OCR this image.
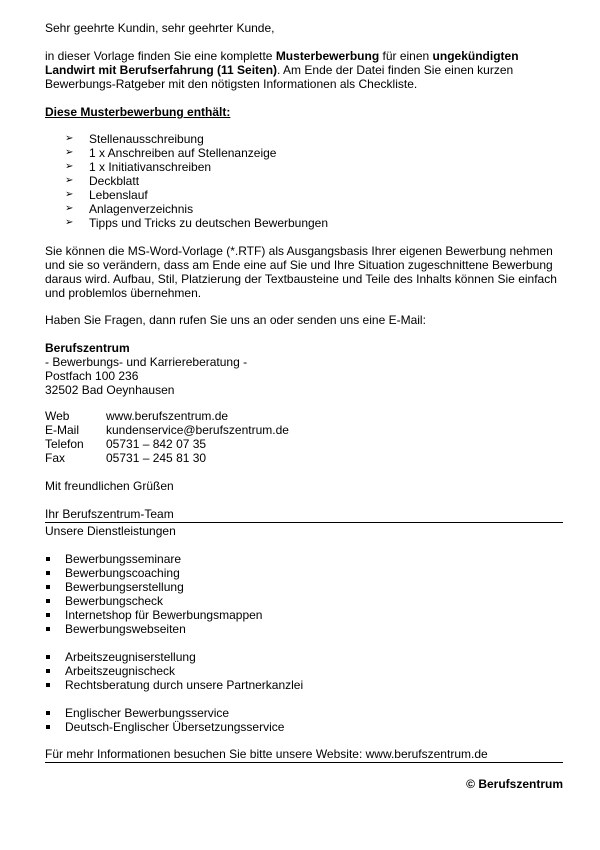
Sehr geehrte Kundin, sehr geehrter Kunde,

in dieser Vorlage finden Sie eine komplette Musterbewerbung für einen ungekündigten Landwirt mit Berufserfahrung (11 Seiten). Am Ende der Datei finden Sie einen kurzen Bewerbungs-Ratgeber mit den nötigsten Informationen als Checkliste.

Diese Musterbewerbung enthält:

➢ Stellenausschreibung
➢ 1 x Anschreiben auf Stellenanzeige
➢ 1 x Initiativanschreiben
➢ Deckblatt
➢ Lebenslauf
➢ Anlagenverzeichnis
➢ Tipps und Tricks zu deutschen Bewerbungen

Sie können die MS-Word-Vorlage (*.RTF) als Ausgangsbasis Ihrer eigenen Bewerbung nehmen und sie so verändern, dass am Ende eine auf Sie und Ihre Situation zugeschnittene Bewerbung daraus wird. Aufbau, Stil, Platzierung der Textbausteine und Teile des Inhalts können Sie einfach und problemlos übernehmen.

Haben Sie Fragen, dann rufen Sie uns an oder senden uns eine E-Mail:

Berufszentrum

- Bewerbungs- und Karriereberatung -

Postfach 100 236

32502 Bad Oeynhausen

Web	www.berufszentrum.de
E-Mail	kundenservice@berufszentrum.de
Telefon	05731 – 842 07 35
Fax	05731 – 245 81 30

Mit freundlichen Grüßen

Ihr Berufszentrum-Team

Unsere Dienstleistungen

Bewerbungsseminare
Bewerbungscoaching
Bewerbungserstellung
Bewerbungscheck
Internetshop für Bewerbungsmappen
Bewerbungswebseiten
Arbeitszeugniserstellung
Arbeitszeugnischeck
Rechtsberatung durch unsere Partnerkanzlei
Englischer Bewerbungsservice
Deutsch-Englischer Übersetzungsservice

Für mehr Informationen besuchen Sie bitte unsere Website: www.berufszentrum.de

© Berufszentrum
